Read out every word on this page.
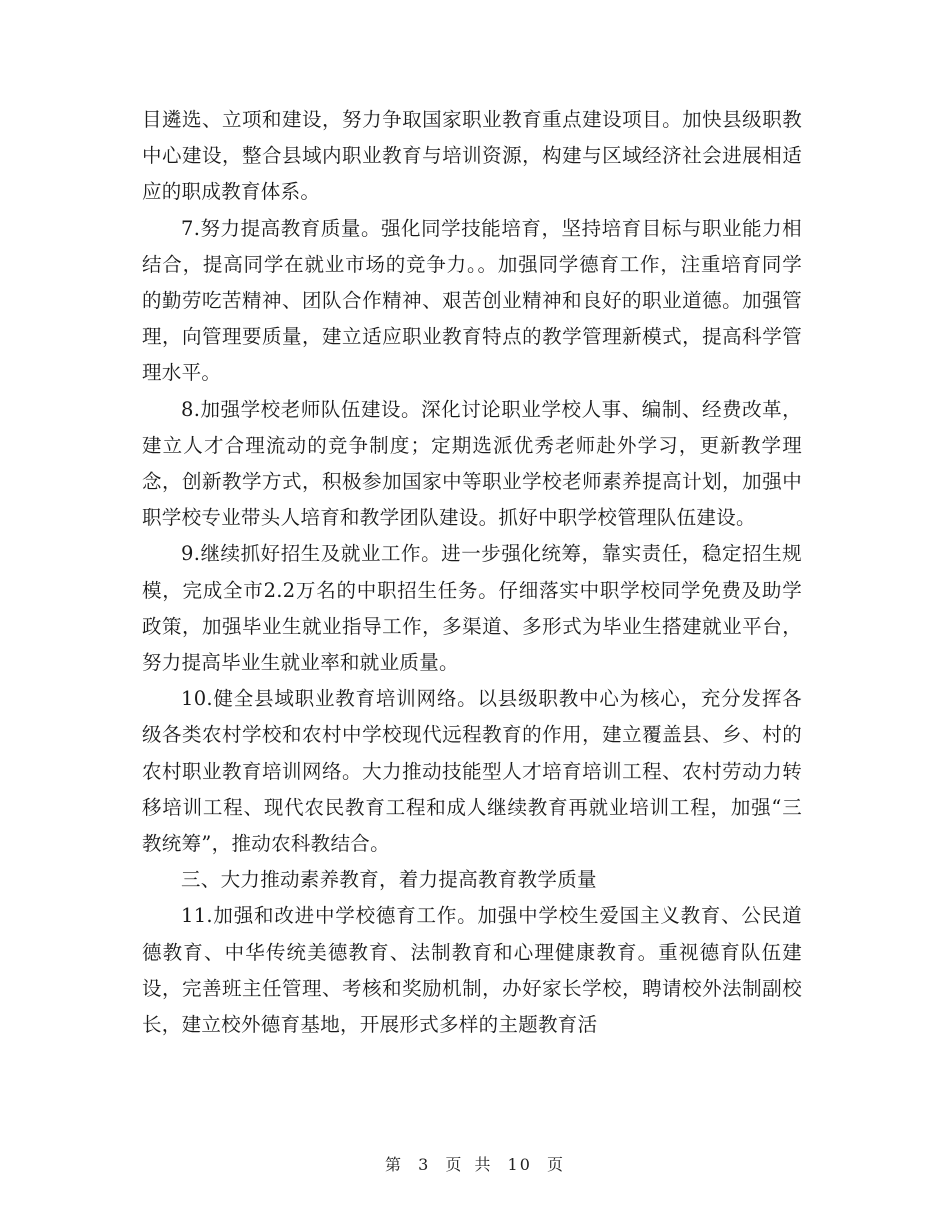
目遴选、立项和建设，努力争取国家职业教育重点建设项目。加快县级职教中心建设，整合县域内职业教育与培训资源，构建与区域经济社会进展相适应的职成教育体系。

7.努力提高教育质量。强化同学技能培育，坚持培育目标与职业能力相结合，提高同学在就业市场的竞争力。。加强同学德育工作，注重培育同学的勤劳吃苦精神、团队合作精神、艰苦创业精神和良好的职业道德。加强管理，向管理要质量，建立适应职业教育特点的教学管理新模式，提高科学管理水平。

8.加强学校老师队伍建设。深化讨论职业学校人事、编制、经费改革，建立人才合理流动的竞争制度；定期选派优秀老师赴外学习，更新教学理念，创新教学方式，积极参加国家中等职业学校老师素养提高计划，加强中职学校专业带头人培育和教学团队建设。抓好中职学校管理队伍建设。

9.继续抓好招生及就业工作。进一步强化统筹，靠实责任，稳定招生规模，完成全市2.2万名的中职招生任务。仔细落实中职学校同学免费及助学政策，加强毕业生就业指导工作，多渠道、多形式为毕业生搭建就业平台，努力提高毕业生就业率和就业质量。

10.健全县域职业教育培训网络。以县级职教中心为核心，充分发挥各级各类农村学校和农村中学校现代远程教育的作用，建立覆盖县、乡、村的农村职业教育培训网络。大力推动技能型人才培育培训工程、农村劳动力转移培训工程、现代农民教育工程和成人继续教育再就业培训工程，加强“三教统筹”，推动农科教结合。

三、大力推动素养教育，着力提高教育教学质量

11.加强和改进中学校德育工作。加强中学校生爱国主义教育、公民道德教育、中华传统美德教育、法制教育和心理健康教育。重视德育队伍建设，完善班主任管理、考核和奖励机制，办好家长学校，聘请校外法制副校长，建立校外德育基地，开展形式多样的主题教育活

第 3 页 共 10 页
